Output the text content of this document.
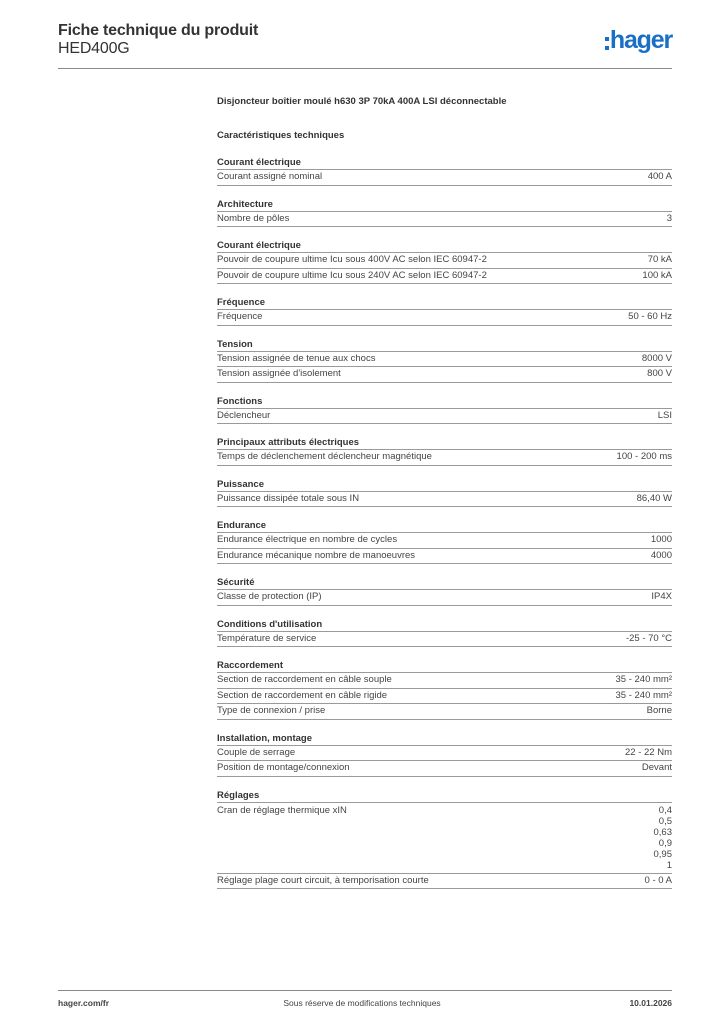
Fiche technique du produit
HED400G	hager
Disjoncteur boîtier moulé h630 3P 70kA 400A LSI déconnectable
Caractéristiques techniques
Courant électrique
Courant assigné nominal	400 A
Architecture
Nombre de pôles	3
Courant électrique
Pouvoir de coupure ultime Icu sous 400V AC selon IEC 60947-2	70 kA
Pouvoir de coupure ultime Icu sous 240V AC selon IEC 60947-2	100 kA
Fréquence
Fréquence	50 - 60 Hz
Tension
Tension assignée de tenue aux chocs	8000 V
Tension assignée d'isolement	800 V
Fonctions
Déclencheur	LSI
Principaux attributs électriques
Temps de déclenchement déclencheur magnétique	100 - 200 ms
Puissance
Puissance dissipée totale sous IN	86,40 W
Endurance
Endurance électrique en nombre de cycles	1000
Endurance mécanique nombre de manoeuvres	4000
Sécurité
Classe de protection (IP)	IP4X
Conditions d'utilisation
Température de service	-25 - 70 °C
Raccordement
Section de raccordement en câble souple	35 - 240 mm²
Section de raccordement en câble rigide	35 - 240 mm²
Type de connexion / prise	Borne
Installation, montage
Couple de serrage	22 - 22 Nm
Position de montage/connexion	Devant
Réglages
Cran de réglage thermique xIN	0,4
0,5
0,63
0,9
0,95
1
Réglage plage court circuit, à temporisation courte	0 - 0 A
hager.com/fr	Sous réserve de modifications techniques	10.01.2026
